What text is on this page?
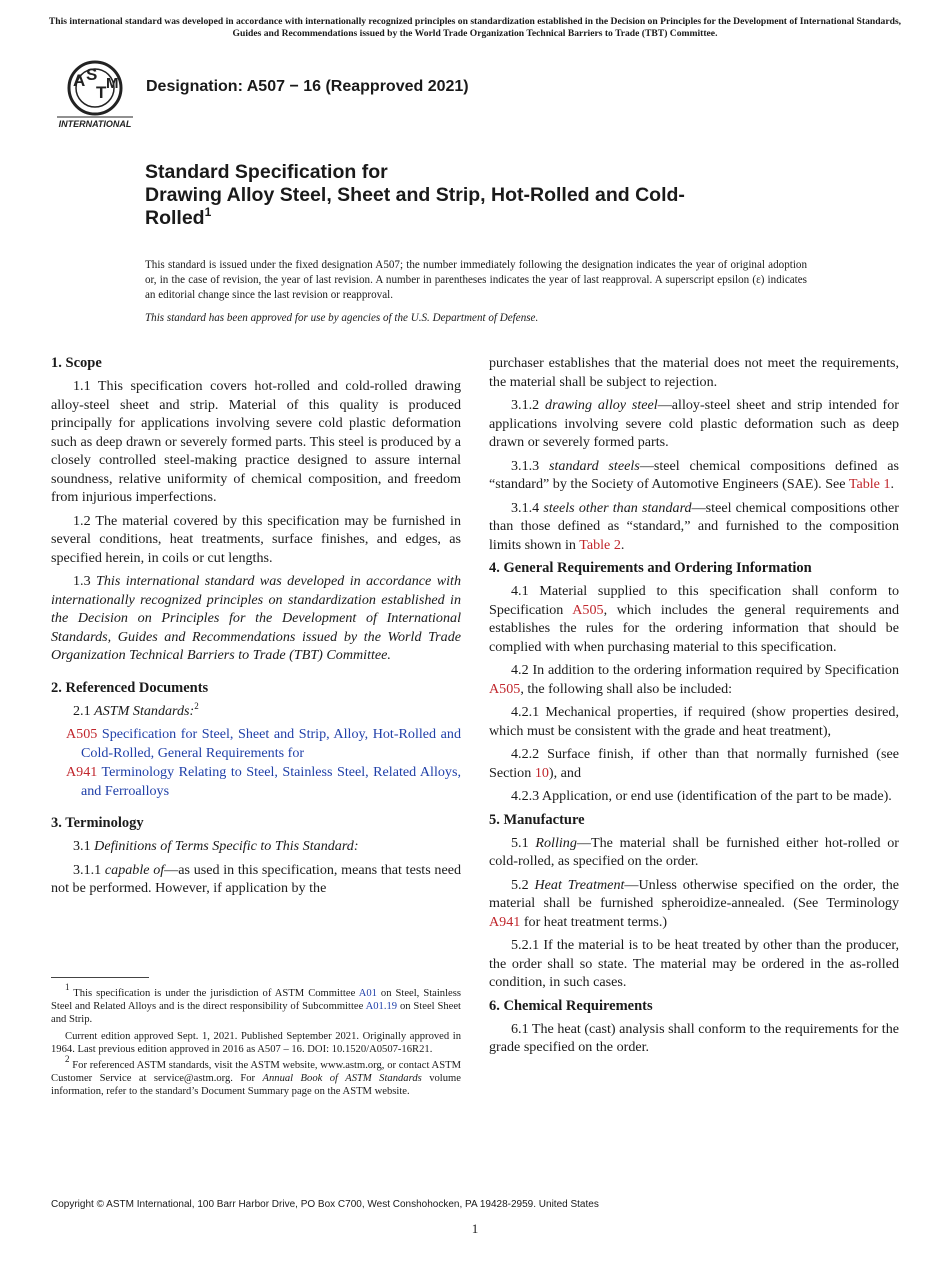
This international standard was developed in accordance with internationally recognized principles on standardization established in the Decision on Principles for the Development of International Standards, Guides and Recommendations issued by the World Trade Organization Technical Barriers to Trade (TBT) Committee.
A S
T M
INTERNATIONAL
Designation: A507 − 16 (Reapproved 2021)
Standard Specification for
Drawing Alloy Steel, Sheet and Strip, Hot-Rolled and Cold-
Rolled$^1$
This standard is issued under the fixed designation A507; the number immediately following the designation indicates the year of original adoption or, in the case of revision, the year of last revision. A number in parentheses indicates the year of last reapproval. A superscript epsilon (ε) indicates an editorial change since the last revision or reapproval.
This standard has been approved for use by agencies of the U.S. Department of Defense.
1. Scope

1.1 This specification covers hot-rolled and cold-rolled drawing alloy-steel sheet and strip. Material of this quality is produced principally for applications involving severe cold plastic deformation such as deep drawn or severely formed parts. This steel is produced by a closely controlled steel-making practice designed to assure internal soundness, relative uniformity of chemical composition, and freedom from injurious imperfections.

1.2 The material covered by this specification may be furnished in several conditions, heat treatments, surface finishes, and edges, as specified herein, in coils or cut lengths.

1.3 This international standard was developed in accordance with internationally recognized principles on standardization established in the Decision on Principles for the Development of International Standards, Guides and Recommendations issued by the World Trade Organization Technical Barriers to Trade (TBT) Committee.

2. Referenced Documents

2.1 ASTM Standards:$^2$

A505 Specification for Steel, Sheet and Strip, Alloy, Hot-Rolled and Cold-Rolled, General Requirements for
A941 Terminology Relating to Steel, Stainless Steel, Related Alloys, and Ferroalloys
3. Terminology

3.1 Definitions of Terms Specific to This Standard:

3.1.1 capable of—as used in this specification, means that tests need not be performed. However, if application by the

$^1$ This specification is under the jurisdiction of ASTM Committee A01 on Steel, Stainless Steel and Related Alloys and is the direct responsibility of Subcommittee A01.19 on Steel Sheet and Strip.

Current edition approved Sept. 1, 2021. Published September 2021. Originally approved in 1964. Last previous edition approved in 2016 as A507 – 16. DOI: 10.1520/A0507-16R21.

$^2$ For referenced ASTM standards, visit the ASTM website, www.astm.org, or contact ASTM Customer Service at service@astm.org. For Annual Book of ASTM Standards volume information, refer to the standard’s Document Summary page on the ASTM website.

purchaser establishes that the material does not meet the requirements, the material shall be subject to rejection.

3.1.2 drawing alloy steel—alloy-steel sheet and strip intended for applications involving severe cold plastic deformation such as deep drawn or severely formed parts.

3.1.3 standard steels—steel chemical compositions defined as “standard” by the Society of Automotive Engineers (SAE). See Table 1.

3.1.4 steels other than standard—steel chemical compositions other than those defined as “standard,” and furnished to the composition limits shown in Table 2.

4. General Requirements and Ordering Information

4.1 Material supplied to this specification shall conform to Specification A505, which includes the general requirements and establishes the rules for the ordering information that should be complied with when purchasing material to this specification.

4.2 In addition to the ordering information required by Specification A505, the following shall also be included:

4.2.1 Mechanical properties, if required (show properties desired, which must be consistent with the grade and heat treatment),

4.2.2 Surface finish, if other than that normally furnished (see Section 10), and

4.2.3 Application, or end use (identification of the part to be made).

5. Manufacture

5.1 Rolling—The material shall be furnished either hot-rolled or cold-rolled, as specified on the order.

5.2 Heat Treatment—Unless otherwise specified on the order, the material shall be furnished spheroidize-annealed. (See Terminology A941 for heat treatment terms.)

5.2.1 If the material is to be heat treated by other than the producer, the order shall so state. The material may be ordered in the as-rolled condition, in such cases.

6. Chemical Requirements

6.1 The heat (cast) analysis shall conform to the requirements for the grade specified on the order.

Copyright © ASTM International, 100 Barr Harbor Drive, PO Box C700, West Conshohocken, PA 19428-2959. United States
1
